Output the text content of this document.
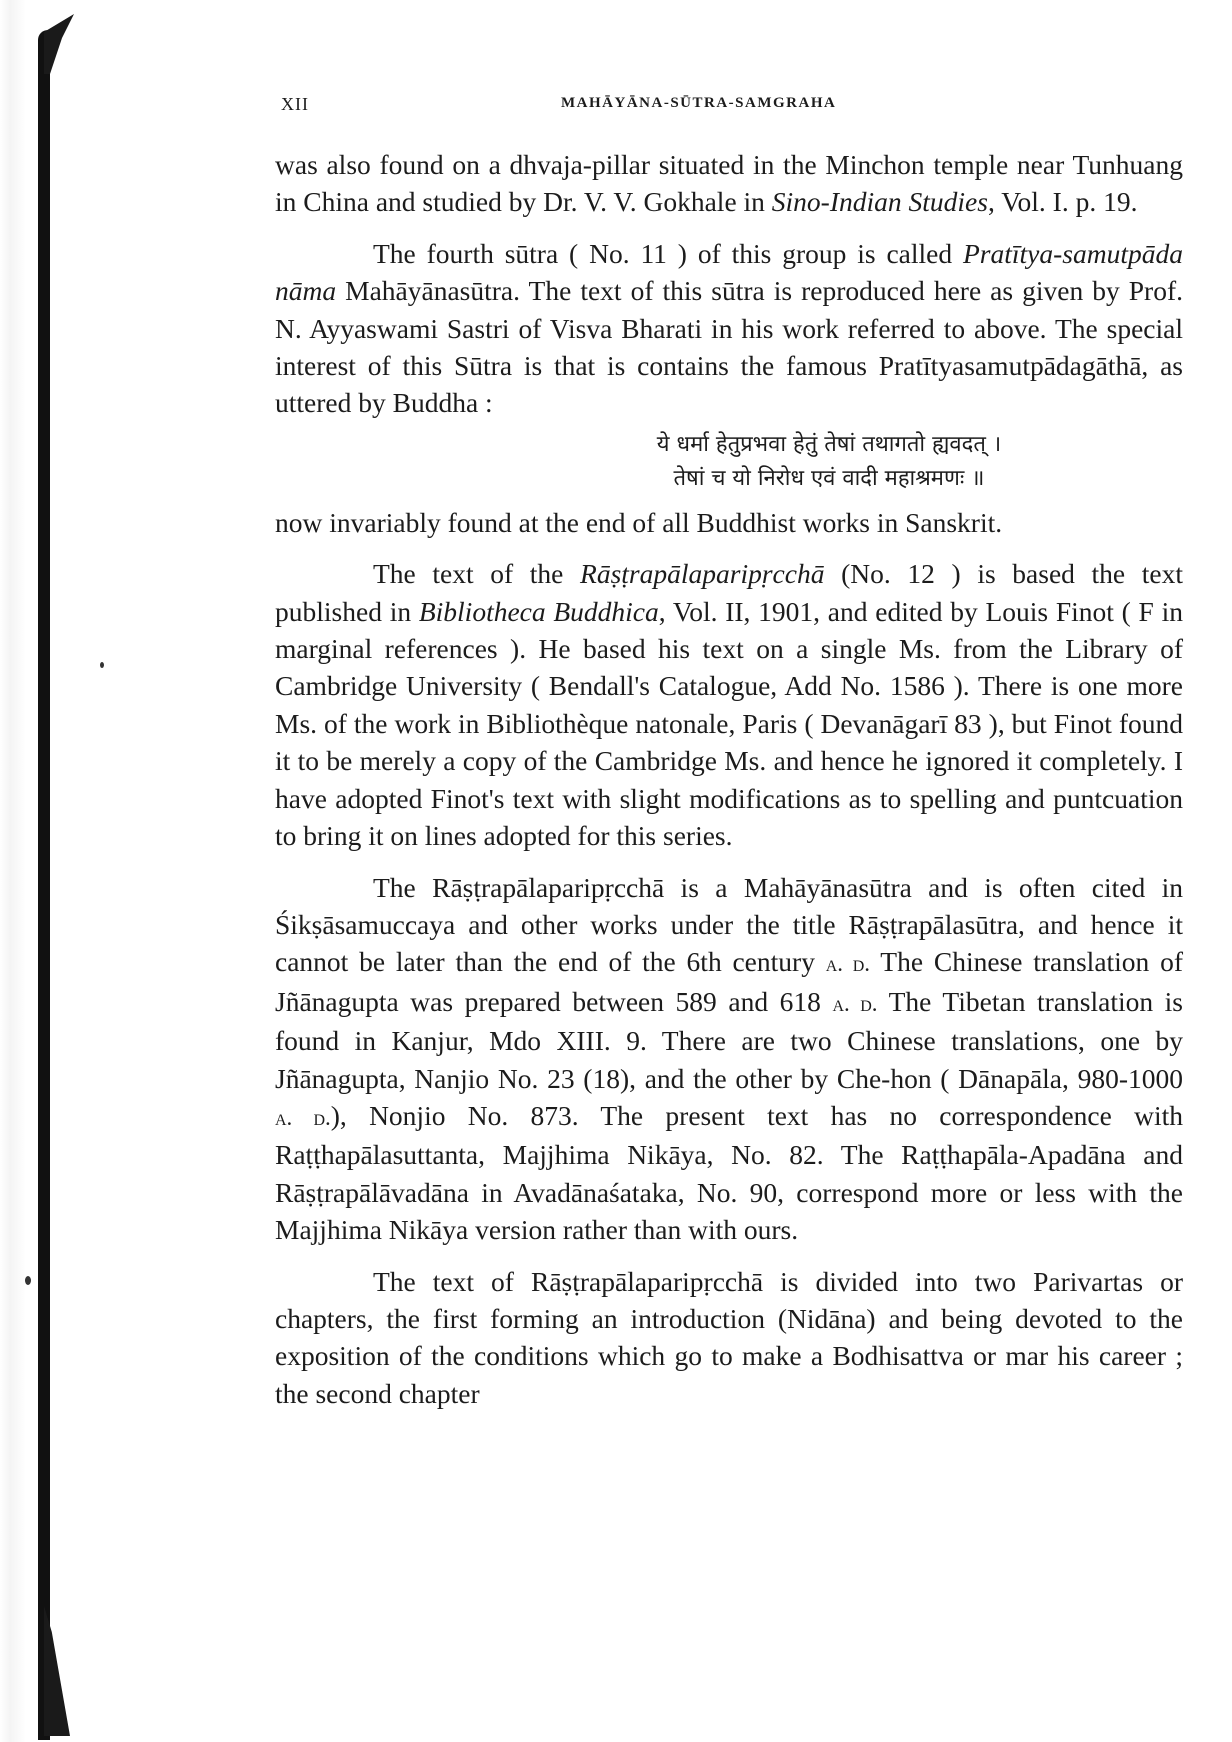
XII	MAHĀYĀNA-SŪTRA-SAMGRAHA

was also found on a dhvaja-pillar situated in the Minchon temple near Tunhuang in China and studied by Dr. V. V. Gokhale in Sino-Indian Studies, Vol. I. p. 19.

The fourth sūtra ( No. 11 ) of this group is called Pratītya-samutpāda nāma Mahāyānasūtra. The text of this sūtra is reproduced here as given by Prof. N. Ayyaswami Sastri of Visva Bharati in his work referred to above. The special interest of this Sūtra is that is contains the famous Pratītyasamutpādagāthā, as uttered by Buddha :

ये धर्मा हेतुप्रभवा हेतुं तेषां तथागतो ह्यवदत् ।
तेषां च यो निरोध एवं वादी महाश्रमणः ॥

now invariably found at the end of all Buddhist works in Sanskrit.

The text of the Rāṣṭrapālaparipṛcchā (No. 12 ) is based the text published in Bibliotheca Buddhica, Vol. II, 1901, and edited by Louis Finot ( F in marginal references ). He based his text on a single Ms. from the Library of Cambridge University ( Bendall's Catalogue, Add No. 1586 ). There is one more Ms. of the work in Bibliothèque natonale, Paris ( Devanāgarī 83 ), but Finot found it to be merely a copy of the Cambridge Ms. and hence he ignored it completely. I have adopted Finot's text with slight modifications as to spelling and puntcuation to bring it on lines adopted for this series.

The Rāṣṭrapālaparipṛcchā is a Mahāyānasūtra and is often cited in Śikṣāsamuccaya and other works under the title Rāṣṭrapālasūtra, and hence it cannot be later than the end of the 6th century a. d. The Chinese translation of Jñānagupta was prepared between 589 and 618 a. d. The Tibetan translation is found in Kanjur, Mdo XIII. 9. There are two Chinese translations, one by Jñānagupta, Nanjio No. 23 (18), and the other by Che-hon ( Dānapāla, 980-1000 a. d.), Nonjio No. 873. The present text has no correspondence with Raṭṭhapālasuttanta, Majjhima Nikāya, No. 82. The Raṭṭhapāla-Apadāna and Rāṣṭrapālāvadāna in Avadānaśataka, No. 90, correspond more or less with the Majjhima Nikāya version rather than with ours.

The text of Rāṣṭrapālaparipṛcchā is divided into two Parivartas or chapters, the first forming an introduction (Nidāna) and being devoted to the exposition of the conditions which go to make a Bodhisattva or mar his career ; the second chapter
